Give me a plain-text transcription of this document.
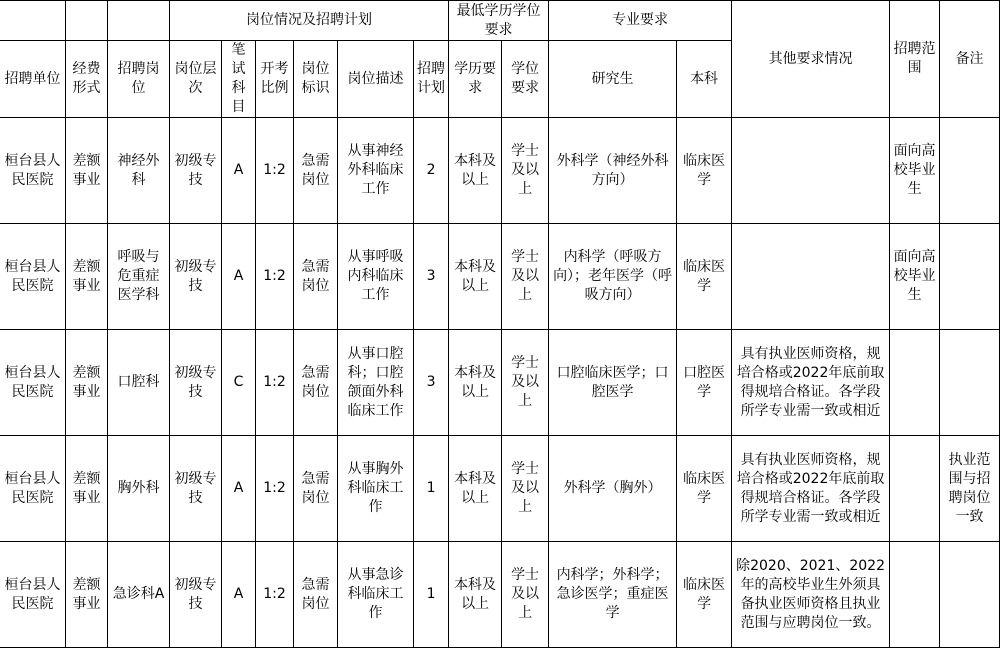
			岗位情况及招聘计划						最低学历学位要求		专业要求		其他要求情况	招聘范围	备注
招聘单位	经费形式	招聘岗位	岗位层次	笔试科目	开考比例	岗位标识	岗位描述	招聘计划	学历要求	学位要求	研究生	本科			
桓台县人民医院	差额事业	神经外科	初级专技	A	1:2	急需岗位	从事神经外科临床工作	2	本科及以上	学士及以上	外科学（神经外科方向）	临床医学		面向高校毕业生	
桓台县人民医院	差额事业	呼吸与危重症医学科	初级专技	A	1:2	急需岗位	从事呼吸内科临床工作	3	本科及以上	学士及以上	内科学（呼吸方向）；老年医学（呼吸方向）	临床医学		面向高校毕业生	
桓台县人民医院	差额事业	口腔科	初级专技	C	1:2	急需岗位	从事口腔科；口腔颌面外科临床工作	3	本科及以上	学士及以上	口腔临床医学；口腔医学	口腔医学	具有执业医师资格，规培合格或2022年底前取得规培合格证。各学段所学专业需一致或相近		
桓台县人民医院	差额事业	胸外科	初级专技	A	1:2	急需岗位	从事胸外科临床工作	1	本科及以上	学士及以上	外科学（胸外）	临床医学	具有执业医师资格，规培合格或2022年底前取得规培合格证。各学段所学专业需一致或相近		执业范围与招聘岗位一致
桓台县人民医院	差额事业	急诊科A	初级专技	A	1:2	急需岗位	从事急诊科临床工作	1	本科及以上	学士及以上	内科学；外科学；急诊医学；重症医学	临床医学	除2020、2021、2022年的高校毕业生外须具备执业医师资格且执业范围与应聘岗位一致。		
